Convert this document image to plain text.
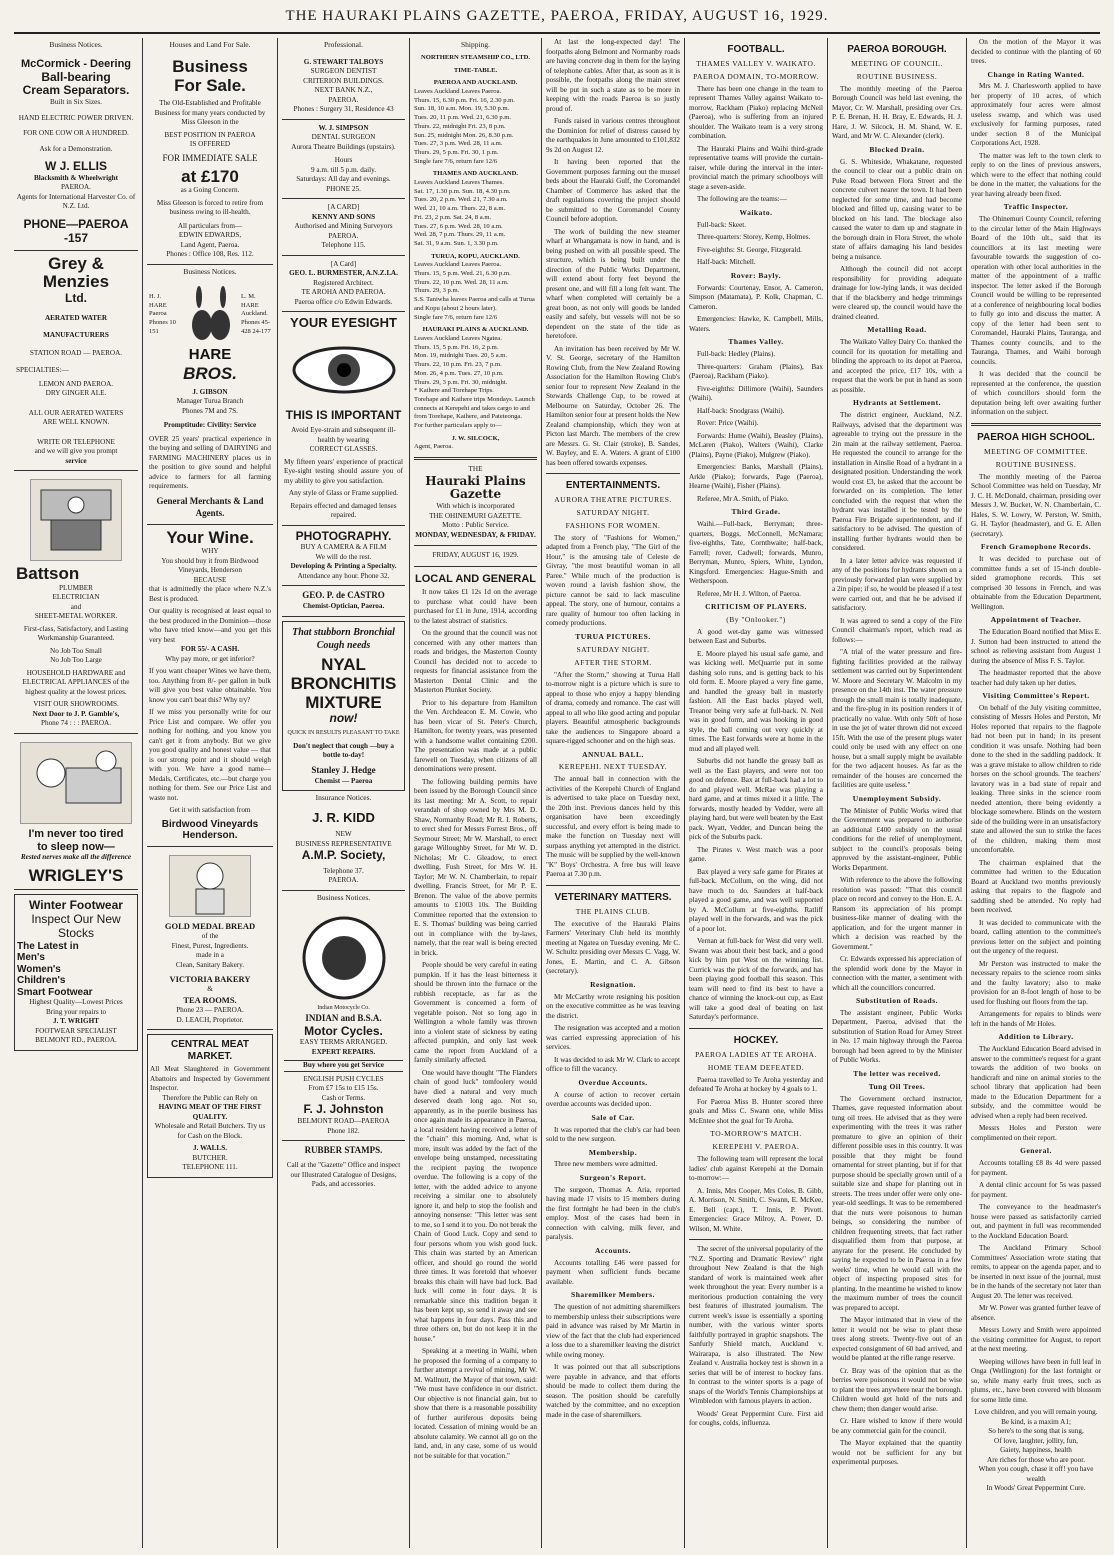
THE HAURAKI PLAINS GAZETTE, PAEROA, FRIDAY, AUGUST 16, 1929.
Business Notices.
McCormick - Deering
Ball-bearing
Cream Separators.
Built in Six Sizes.
HAND ELECTRIC POWER DRIVEN.
FOR ONE COW OR A HUNDRED.
Ask for a Demonstration.
W J. ELLIS
Blacksmith & Wheelwright
PAEROA.
Agents for International Harvester Co. of N.Z. Ltd.
PHONE—PAEROA -157
Grey & Menzies
Ltd.
AERATED WATER
MANUFACTURERS
STATION ROAD — PAEROA.
SPECIALTIES:—
LEMON AND PAEROA.
DRY GINGER ALE.
ALL OUR AERATED WATERS
ARE WELL KNOWN.
WRITE OR TELEPHONE
and we will give you prompt
service
Battson
PLUMBER
ELECTRICIAN
and
SHEET-METAL WORKER.
First-class, Satisfactory, and Lasting Workmanship Guaranteed.
No Job Too Small
No Job Too Large
HOUSEHOLD HARDWARE and ELECTRICAL APPLIANCES of the highest quality at the lowest prices.
VISIT OUR SHOWROOMS.
Next Door to J. P. Gamble's,
Phone 74 : : : PAEROA.
I'm never too tired
to sleep now—
Rested nerves make all the difference
WRIGLEY'S
Winter Footwear
Inspect Our New Stocks
The Latest in
Men's
Women's
Children's
Smart Footwear
Highest Quality—Lowest Prices
Bring your repairs to
J. T. WRIGHT
FOOTWEAR SPECIALIST
BELMONT RD., PAEROA.
Houses and Land For Sale.
Business
For Sale.
The Old-Established and Profitable Business for many years conducted by Miss Gleeson in the
BEST POSITION IN PAEROA
IS OFFERED
FOR IMMEDIATE SALE
at £170
as a Going Concern.
Miss Gleeson is forced to retire from business owing to ill-health.
All particulars from—
EDWIN EDWARDS,
Land Agent, Paeroa.
Phones : Office 108, Res. 112.
Business Notices.
H. J. HARE Paeroa Phones 10 151
L. M. HARE Auckland. Phones 45-428 24-177
HARE
BROS.
J. GIBSON
Manager Turua Branch
Phones 7M and 7S.
Promptitude: Civility: Service
OVER 25 years' practical experience in the buying and selling of DAIRYING and FARMING MACHINERY places us in the position to give sound and helpful advice to farmers for all farming requirements.
General Merchants & Land Agents.
Your Wine.
WHY
You should buy it from Birdwood Vineyards, Henderson
BECAUSE
that is admittedly the place where N.Z.'s Best is produced.
Our quality is recognised at least equal to the best produced in the Dominion—those who have tried know—and you get this very best
FOR 55/- A CASH.
Why pay more, or get inferior?
If you want cheaper Wines we have them, too. Anything from 8/- per gallon in bulk will give you best value obtainable. You know you can't beat this? Why try?
If we miss you personally write for our Price List and compare. We offer you nothing for nothing, and you know you can't get it from anybody. But we give you good quality and honest value — that is our strong point and it should weigh with you. We have a good name—Medals, Certificates, etc.—but charge you nothing for them. See our Price List and waste not.
Get it with satisfaction from
Birdwood Vineyards
Henderson.
GOLD MEDAL BREAD
of the
Finest, Purest, Ingredients.
made in a
Clean, Sanitary Bakery.
VICTORIA BAKERY
&
TEA ROOMS.
Phone 23 — PAEROA.
D. LEACH, Proprietor.
CENTRAL MEAT MARKET.
All Meat Slaughtered in Government Abattoirs and Inspected by Government Inspector.
Therefore the Public can Rely on
HAVING MEAT OF THE FIRST QUALITY.
Wholesale and Retail Butchers. Try us for Cash on the Block.
J. WALLS.
BUTCHER.
TELEPHONE 111.
Professional.
G. STEWART TALBOYS
SURGEON DENTIST
CRITERION BUILDINGS.
NEXT BANK N.Z.,
PAEROA.
Phones : Surgery 31, Residence 43
W. J. SIMPSON
DENTAL SURGEON
Aurora Theatre Buildings (upstairs).
Hours
9 a.m. till 5 p.m. daily.
Saturdays: All day and evenings.
PHONE 25.
[A CARD]
KENNY AND SONS
Authorised and Mining Surveyors
PAEROA.
Telephone 115.
[A Card]
GEO. L. BURMESTER, A.N.Z.I.A.
Registered Architect.
TE AROHA AND PAEROA.
Paeroa office c/o Edwin Edwards.
YOUR EYESIGHT
THIS IS IMPORTANT
Avoid Eye-strain and subsequent ill-health by wearing
CORRECT GLASSES.
My fifteen years' experience of practical Eye-sight testing should assure you of my ability to give you satisfaction.
Any style of Glass or Frame supplied.
Repairs effected and damaged lenses repaired.
PHOTOGRAPHY.
BUY A CAMERA & A FILM
We will do the rest.
Developing & Printing a Specialty.
Attendance any hour. Phone 32.
GEO. P. de CASTRO
Chemist-Optician, Paeroa.
That stubborn Bronchial Cough needs
NYAL
BRONCHITIS
MIXTURE
now!
QUICK IN RESULTS PLEASANT TO TAKE
Don't neglect that cough —buy a bottle to-day!
Stanley J. Hedge
Chemist — Paeroa
Insurance Notices.
J. R. KIDD
NEW
BUSINESS REPRESENTATIVE
A.M.P. Society,
Telephone 37.
PAEROA.
Business Notices.
Indian Motocycle Co.
INDIAN and B.S.A.
Motor Cycles.
EASY TERMS ARRANGED.
EXPERT REPAIRS.
Buy where you get Service
ENGLISH PUSH CYCLES
From £7 15s to £15 15s.
Cash or Terms.
F. J. Johnston
BELMONT ROAD—PAEROA
Phone 182.
RUBBER STAMPS.
Call at the "Gazette" Office and inspect our Illustrated Catalogue of Designs, Pads, and accessories.
Shipping.
NORTHERN STEAMSHIP CO., LTD.
TIME-TABLE.
PAEROA AND AUCKLAND.
Leaves Auckland Leaves Paeroa.
Thurs. 15, 6.30 p.m. Fri. 16, 2.30 p.m.
Sun. 18, 10 a.m. Mon. 19, 5.30 p.m.
Tues. 20, 11 p.m. Wed. 21, 6.30 p.m.
Thurs. 22, midnight Fri. 23, 8 p.m.
Sun. 25, midnight Mon. 26, 8.30 p.m.
Tues. 27, 3 p.m. Wed. 28, 11 a.m.
Thurs. 29, 5 p.m. Fri. 30, 1 p.m.
Single fare 7/6, return fare 12/6
THAMES AND AUCKLAND.
Leaves Auckland Leaves Thames.
Sat. 17, 1.30 p.m. Sun. 18, 4.30 p.m.
Tues. 20, 2 p.m. Wed. 21, 7.30 a.m.
Wed. 21, 10 a.m. Thurs. 22, 8 a.m.
Fri. 23, 2 p.m. Sat. 24, 8 a.m.
Tues. 27, 6 p.m. Wed. 28, 10 a.m.
Wed. 28, 7 p.m. Thurs. 29, 11 a.m.
Sat. 31, 9 a.m. Sun. 1, 3.30 p.m.
TURUA, KOPU, AUCKLAND.
Leaves Auckland Leaves Paeroa.
Thurs. 15, 5 p.m. Wed. 21, 6.30 p.m.
Thurs. 22, 10 p.m. Wed. 28, 11 a.m.
Thurs. 29, 3 p.m.
S.S. Taniwha leaves Paeroa and calls at Turua and Kopu (about 2 hours later).
Single fare 7/6, return fare 12/6
HAURAKI PLAINS & AUCKLAND.
Leaves Auckland Leaves Ngatea.
Thurs. 15, 5 p.m. Fri. 16, 2 p.m.
Mon. 19, midnight Tues. 20, 5 a.m.
Thurs. 22, 10 p.m. Fri. 23, 7 p.m.
Mon. 26, 4 p.m. Tues. 27, 10 p.m.
Thurs. 29, 3 p.m. Fri. 30, midnight.
* Kaihere and Torehape Trips.
Torehape and Kaihere trips Mondays. Launch connects at Kerepehi and takes cargo to and from Torehape, Kaihere, and Pateteonga.
For further particulars apply to—
J. W. SILCOCK,
Agent, Paeroa.
THE
Hauraki Plains Gazette
With which is incorporated
THE OHINEMURI GAZETTE.
Motto : Public Service.
MONDAY, WEDNESDAY, & FRIDAY.
FRIDAY, AUGUST 16, 1929.
LOCAL AND GENERAL

It now takes £1 12s 1d on the average to purchase what could have been purchased for £1 in June, 1914, according to the latest abstract of statistics.

On the ground that the council was not concerned with any other matters than roads and bridges, the Masterton County Council has decided not to accede to requests for financial assistance from the Masterton Dental Clinic and the Masterton Plunket Society.

Prior to his departure from Hamilton the Ven. Archdeacon E. M. Cowie, who has been vicar of St. Peter's Church, Hamilton, for twenty years, was presented with a handsome wallet containing £200. The presentation was made at a public farewell on Tuesday, when citizens of all denominations were present.

The following building permits have been issued by the Borough Council since its last meeting: Mr A. Scott, to repair verandah of shop owned by Mrs M. D. Shaw, Normanby Road; Mr R. I. Roberts, to erect shed for Messrs Forrest Bros., off Seymour Street; Mr W. Marshall, to erect garage Willoughby Street, for Mr W. D. Nicholas; Mr C. Gleadow, to erect dwelling, Fush Street, for Mrs W. H. Taylor; Mr W. N. Chamberlain, to repair dwelling, Francis Street, for Mr P. E. Brenon. The value of the above permits amounts to £1003 10s. The Building Committee reported that the extension to E. S. Thomas' building was being carried out in compliance with the by-laws, namely, that the rear wall is being erected in brick.

People should be very careful in eating pumpkin. If it has the least bitterness it should be thrown into the furnace or the rubbish receptacle, as far as the Government is concerned a form of vegetable poison. Not so long ago in Wellington a whole family was thrown into a violent state of sickness by eating affected pumpkin, and only last week came the report from Auckland of a family similarly affected.

One would have thought "The Flanders chain of good luck" tomfoolery would have died a natural and very much deserved death long ago. Not so, apparently, as in the puerile business has once again made its appearance in Paeroa, a local resident having received a letter of the "chain" this morning. And, what is more, insult was added by the fact of the envelope being unstamped, necessitating the recipient paying the twopence overdue. The following is a copy of the letter, with the added advice to anyone receiving a similar one to absolutely ignore it, and help to stop the foolish and annoying nonsense: "This letter was sent to me, so I send it to you. Do not break the Chain of Good Luck. Copy and send to four persons whom you wish good luck. This chain was started by an American officer, and should go round the world three times. It was foretold that whoever breaks this chain will have bad luck. Bad luck will come in four days. It is remarkable since this tradition began it has been kept up, so send it away and see what happens in four days. Pass this and three others on, but do not keep it in the house."

Speaking at a meeting in Waihi, when he proposed the forming of a company to further attempt a revival of mining, Mr W. M. Wallnutt, the Mayor of that town, said: "We must have confidence in our district. Our objective is not financial gain, but to show that there is a reasonable possibility of further auriferous deposits being located. Cessation of mining would be an absolute calamity. We cannot all go on the land, and, in any case, some of us would not be suitable for that vocation."

At last the long-expected day! The footpaths along Belmont and Normanby roads are having concrete dug in them for the laying of telephone cables. After that, as soon as it is possible, the footpaths along the main street will be put in such a state as to be more in keeping with the roads Paeroa is so justly proud of.

Funds raised in various centres throughout the Dominion for relief of distress caused by the earthquakes in June amounted to £101,832 9s 2d on August 12.

It having been reported that the Government purposes farming out the mussel beds about the Hauraki Gulf, the Coromandel Chamber of Commerce has asked that the draft regulations covering the project should be submitted to the Coromandel County Council before adoption.

The work of building the new steamer wharf at Whangamata is now in hand, and is being pushed on with all possible speed. The structure, which is being built under the direction of the Public Works Department, will extend about forty feet beyond the present one, and will fill a long felt want. The wharf when completed will certainly be a great boon, as not only will goods be landed easily and safely, but vessels will not be so dependent on the state of the tide as heretofore.

An invitation has been received by Mr W. V. St. George, secretary of the Hamilton Rowing Club, from the New Zealand Rowing Association for the Hamilton Rowing Club's senior four to represent New Zealand in the Stewards Challenge Cup, to be rowed at Melbourne on Saturday, October 26. The Hamilton senior four at present holds the New Zealand championship, which they won at Picton last March. The members of the crew are Messrs. G. St. Clair (stroke), B. Sandes, W. Bayley, and E. A. Waters. A grant of £100 has been offered towards expenses.

ENTERTAINMENTS.
AURORA THEATRE PICTURES.
SATURDAY NIGHT.
FASHIONS FOR WOMEN.

The story of "Fashions for Women," adapted from a French play, "The Girl of the Hour," is the amusing tale of Celeste de Givray, "the most beautiful woman in all Paree." While much of the production is woven round a lavish fashion show, the picture cannot be said to lack masculine appeal. The story, one of humour, contains a rare quality of humour too often lacking in comedy productions.

TURUA PICTURES.
SATURDAY NIGHT.
AFTER THE STORM.

"After the Storm," showing at Turua Hall to-morrow night is a picture which is sure to appeal to those who enjoy a happy blending of drama, comedy and romance. The cast will appeal to all who like good acting and popular players. Beautiful atmospheric backgrounds take the audiences to Singapore aboard a square-rigged schooner and on the high seas.

ANNUAL BALL.
KEREPEHI. NEXT TUESDAY.

The annual ball in connection with the activities of the Kerepehi Church of England is advertised to take place on Tuesday next, the 20th inst. Previous dances held by this organisation have been exceedingly successful, and every effort is being made to make the function on Tuesday next will surpass anything yet attempted in the district. The music will be supplied by the well-known "K" Boys' Orchestra. A free bus will leave Paeroa at 7.30 p.m.

VETERINARY MATTERS.
THE PLAINS CLUB.

The executive of the Hauraki Plains Farmers' Veterinary Club held its monthly meeting at Ngatea on Tuesday evening. Mr C. W. Schultz presiding over Messrs C. Vagg, W. Jones, E. Martin, and C. A. Gibson (secretary).

Resignation.

Mr McCarthy wrote resigning his position on the executive committee as he was leaving the district.

The resignation was accepted and a motion was carried expressing appreciation of his services.

It was decided to ask Mr W. Clark to accept office to fill the vacancy.

Overdue Accounts.

A course of action to recover certain overdue accounts was decided upon.

Sale of Car.

It was reported that the club's car had been sold to the new surgeon.

Membership.

Three new members were admitted.

Surgeon's Report.

The surgeon, Thomas A. Aria, reported having made 17 visits to 15 members during the first fortnight he had been in the club's employ. Most of the cases had been in connection with calving, milk fever, and paralysis.

Accounts.

Accounts totalling £46 were passed for payment when sufficient funds became available.

Sharemilker Members.

The question of not admitting sharemilkers to membership unless their subscriptions were paid in advance was raised by Mr Martin in view of the fact that the club had experienced a loss due to a sharemilker leaving the district while owing money.

It was pointed out that all subscriptions were payable in advance, and that efforts should be made to collect them during the season. The position should be carefully watched by the committee, and no exception made in the case of sharemilkers.

FOOTBALL.
THAMES VALLEY V. WAIKATO.
PAEROA DOMAIN, TO-MORROW.

There has been one change in the team to represent Thames Valley against Waikato to-morrow, Rackham (Piako) replacing McNeil (Paeroa), who is suffering from an injured shoulder. The Waikato team is a very strong combination.

The Hauraki Plains and Waihi third-grade representative teams will provide the curtain-raiser, while during the interval in the inter-provincial match the primary schoolboys will stage a seven-aside.

The following are the teams:—

Waikato.

Full-back: Skeet.

Three-quarters: Storey, Kemp, Holmes.

Five-eighths: St. George, Fitzgerald.

Half-back: Mitchell.

Rover: Bayly.

Forwards: Courtenay, Ensor, A. Cameron, Simpson (Matamata), P. Kolk, Chapman, C. Cameron.

Emergencies: Hawke, K. Campbell, Mills, Waters.

Thames Valley.

Full-back: Hedley (Plains).

Three-quarters: Graham (Plains), Bax (Paeroa), Rackham (Piako).

Five-eighths: Dillimore (Waihi), Saunders (Waihi).

Half-back: Snodgrass (Waihi).

Rover: Price (Waihi).

Forwards: Hume (Waihi), Beasley (Plains), McLaren (Piako), Walters (Waihi), Clarke (Plains), Payne (Piako), Mulgrew (Piako).

Emergencies: Banks, Marshall (Plains), Arkle (Piako); forwards, Page (Paeroa), Hearne (Waihi), Fisher (Plains).

Referee, Mr A. Smith, of Piako.

Third Grade.

Waihi.—Full-back, Berryman; three-quarters, Boggs, McConnell, McNamara; five-eighths, Tate, Cornthwaite; half-back, Farrell; rover, Cadwell; forwards, Munro, Berryman, Munro, Spiers, White, Lyndon, Kingsford. Emergencies: Hague-Smith and Wetherspoon.

Referee, Mr H. J. Wilton, of Paeroa.

CRITICISM OF PLAYERS.
(By "Onlooker.")

A good wet-day game was witnessed between East and Suburbs.

E. Moore played his usual safe game, and was kicking well. McQuarrie put in some dashing solo runs, and is getting back to his old form. E. Moore played a very fine game, and handled the greasy ball in masterly fashion. All the East backs played well, Treanor being very safe at full-back. N. Neil was in good form, and was hooking in good style, the ball coming out very quickly at times. The East forwards were at home in the mud and all played well.

Suburbs did not handle the greasy ball as well as the East players, and were not too good on defence. Bax at full-back had a lot to do and played well. McRae was playing a hard game, and at times mixed it a little. The forwards, mostly headed by Vedder, were all playing hard, but were well beaten by the East pack. Wyatt, Vedder, and Duncan being the pick of the Suburbs pack.

The Pirates v. West match was a poor game.

Bax played a very safe game for Pirates at full-back. McCollum, on the wing, did not have much to do. Saunders at half-back played a good game, and was well supported by A. McCollum at five-eighths. Ratliff played well in the forwards, and was the pick of a poor lot.

Vernan at full-back for West did very well. Swann was about their best back, and a good kick by him put West on the winning list. Currick was the pick of the forwards, and has been playing good football this season. This team will need to find its best to have a chance of winning the knock-out cup, as East will take a good deal of beating on last Saturday's performance.

HOCKEY.
PAEROA LADIES AT TE AROHA.
HOME TEAM DEFEATED.

Paeroa travelled to Te Aroha yesterday and defeated Te Aroha at hockey by 4 goals to 1.

For Paeroa Miss B. Hunter scored three goals and Miss C. Swann one, while Miss McEntee shot the goal for Te Aroha.

TO-MORROW'S MATCH.
KEREPEHI V. PAEROA.

The following team will represent the local ladies' club against Kerepehi at the Domain to-morrow:—

A. Innis, Mrs Cooper, Mrs Coles, B. Gibb, A. Morrison, N. Smith, C. Swann, E. McKee, E. Bell (capt.), T. Innis, P. Pivott. Emergencies: Grace Milroy, A. Power, D. Wilson, M. White.

The secret of the universal popularity of the "N.Z. Sporting and Dramatic Review" right throughout New Zealand is that the high standard of work is maintained week after week throughout the year. Every number is a meritorious production containing the very best features of illustrated journalism. The current week's issue is essentially a sporting number, with the various winter sports faithfully portrayed in graphic snapshots. The Sanfurly Shield match, Auckland v. Wairarapa, is also illustrated. The New Zealand v. Australia hockey test is shown in a series that will be of interest to hockey fans. In contrast to the winter sports is a page of snaps of the World's Tennis Championships at Wimbledon with famous players in action.

Woods' Great Peppermint Cure. First aid for coughs, colds, influenza.

PAEROA BOROUGH.
MEETING OF COUNCIL.
ROUTINE BUSINESS.

The monthly meeting of the Paeroa Borough Council was held last evening, the Mayor, Cr. W. Marshall, presiding over Crs. P. E. Brenan, H. H. Bray, E. Edwards, H. J. Hare, J. W. Silcock, H. M. Shand, W. E. Ward, and Mr W. C. Alexander (clerk).

Blocked Drain.

G. S. Whiteside, Whakatane, requested the council to clear out a public drain on Puke Road between Flora Street and the concrete culvert nearer the town. It had been neglected for some time, and had become blocked and filled up, causing water to be blocked on his land. The blockage also caused the water to dam up and stagnate in the borough drain in Flora Street, the whole state of affairs damaging his land besides being a nuisance.

Although the council did not accept responsibility for providing adequate drainage for low-lying lands, it was decided that if the blackberry and hedge trimmings were cleared up, the council would have the drained cleaned.

Metalling Road.

The Waikato Valley Dairy Co. thanked the council for its quotation for metalling and blinding the approach to its depot at Paeroa, and accepted the price, £17 10s, with a request that the work be put in hand as soon as possible.

Hydrants at Settlement.

The district engineer, Auckland, N.Z. Railways, advised that the department was agreeable to trying out the pressure in the 2in main at the railway settlement, Paeroa. He requested the council to arrange for the installation in Ainslie Road of a hydrant in a designated position. Understanding the work would cost £3, he asked that the account be forwarded on its completion. The letter concluded with the request that when the hydrant was installed it be tested by the Paeroa Fire Brigade superintendent, and if satisfactory to be advised. The question of installing further hydrants would then be considered.

In a later letter advice was requested if any of the positions for hydrants shown on a previously forwarded plan were supplied by a 2in pipe; if so, he would be pleased if a test were carried out, and that he be advised if satisfactory.

It was agreed to send a copy of the Fire Council chairman's report, which read as follows:—

"A trial of the water pressure and fire-fighting facilities provided at the railway settlement was carried out by Superintendent W. Moore and Secretary W. Malcolm in my presence on the 14th inst. The water pressure through the small main is totally inadequate, and the fire-plug in its position renders it of practically no value. With only 50ft of hose in use the jet of water thrown did not exceed 15ft. With the use of the present plugs water could only be used with any effect on one house, but a small supply might be available for the two adjacent houses. As far as the remainder of the houses are concerned the facilities are quite useless."

Unemployment Subsidy.

The Minister of Public Works wired that the Government was prepared to authorise an additional £400 subsidy on the usual conditions for the relief of unemployment, subject to the council's proposals being approved by the assistant-engineer, Public Works Department.

With reference to the above the following resolution was passed: "That this council place on record and convey to the Hon. E. A. Ransom its appreciation of his prompt business-like manner of dealing with the application, and for the urgent manner in which a decision was reached by the Government."

Cr. Edwards expressed his appreciation of the splendid work done by the Mayor in connection with the matter, a sentiment with which all the councillors concurred.

Substitution of Roads.

The assistant engineer, Public Works Department, Paeroa, advised that the substitution of Station Road for Arney Street in No. 17 main highway through the Paeroa borough had been agreed to by the Minister of Public Works.

The letter was received.
Tung Oil Trees.

The Government orchard instructor, Thames, gave requested information about tung oil trees. He advised that as they were experimenting with the trees it was rather premature to give an opinion of their different possible uses in this country. It was possible that they might be found ornamental for street planting, but if for that purpose should be specially grown until of a suitable size and shape for planting out in streets. The trees under offer were only one-year-old seedlings. It was to be remembered that the nuts were poisonous to human beings, so considering the number of children frequenting streets, that fact rather disqualified them from that purpose, at anyrate for the present. He concluded by saying he expected to be in Paeroa in a few weeks' time, when he would call with the object of inspecting proposed sites for planting. In the meantime he wished to know the maximum number of trees the council was prepared to accept.

The Mayor intimated that in view of the letter it would not be wise to plant these trees along streets. Twenty-five out of an expected consignment of 60 had arrived, and would be planted at the rifle range reserve.

Cr. Bray was of the opinion that as the berries were poisonous it would not be wise to plant the trees anywhere near the borough. Children would get hold of the nuts and chew them; then danger would arise.

Cr. Hare wished to know if there would be any commercial gain for the council.

The Mayor explained that the quantity would not be sufficient for any but experimental purposes.

On the motion of the Mayor it was decided to continue with the planting of 60 trees.

Change in Rating Wanted.

Mrs M. J. Charlesworth applied to have her property of 10 acres, of which approximately four acres were almost useless swamp, and which was used exclusively for farming purposes, rated under section 8 of the Municipal Corporations Act, 1928.

The matter was left to the town clerk to reply to on the lines of previous answers, which were to the effect that nothing could be done in the matter, the valuations for the year having already been fixed.

Traffic Inspector.

The Ohinemuri County Council, referring to the circular letter of the Main Highways Board of the 10th ult., said that its councillors at its last meeting were favourable towards the suggestion of co-operation with other local authorities in the matter of the appointment of a traffic inspector. The letter asked if the Borough Council would be willing to be represented at a conference of neighbouring local bodies to fully go into and discuss the matter. A copy of the letter had been sent to Coromandel, Hauraki Plains, Tauranga, and Thames county councils, and to the Tauranga, Thames, and Waihi borough councils.

It was decided that the council be represented at the conference, the question of which councillors should form the deputation being left over awaiting further information on the subject.

PAEROA HIGH SCHOOL.
MEETING OF COMMITTEE.
ROUTINE BUSINESS.

The monthly meeting of the Paeroa School Committee was held on Tuesday, Mr J. C. H. McDonald, chairman, presiding over Messrs J. W. Bucket, W. N. Chamberlain, C. Hales, S. W. Lowry, W. Perston, W. Smith, G. H. Taylor (headmaster), and G. E. Allen (secretary).

French Gramophone Records.

It was decided to purchase out of committee funds a set of 15-inch double-sided gramophone records. This set comprised 30 lessons in French, and was obtainable from the Education Department, Wellington.

Appointment of Teacher.

The Education Board notified that Miss E. J. Sutton had been instructed to attend the school as relieving assistant from August 1 during the absence of Miss F. S. Taylor.

The headmaster reported that the above teacher had duly taken up her duties.

Visiting Committee's Report.

On behalf of the July visiting committee, consisting of Messrs Holes and Perston, Mr Holes reported that repairs to the flagpole had not been put in hand; in its present condition it was unsafe. Nothing had been done to the shed in the saddling paddock. It was a grave mistake to allow children to ride horses on the school grounds. The teachers' lavatory was in a bad state of repair and leaking. Three sinks in the science room needed attention, there being evidently a blockage somewhere. Blinds on the western side of the building were in an unsatisfactory state and allowed the sun to strike the faces of the children, making them most uncomfortable.

The chairman explained that the committee had written to the Education Board at Auckland two months previously asking that repairs to the flagpole and saddling shed be attended. No reply had been received.

It was decided to communicate with the board, calling attention to the committee's previous letter on the subject and pointing out the urgency of the request.

Mr Perston was instructed to make the necessary repairs to the science room sinks and the faulty lavatory; also to make provision for an 8-foot length of hose to be used for flushing out floors from the tap.

Arrangements for repairs to blinds were left in the hands of Mr Holes.

Addition to Library.

The Auckland Education Board advised in answer to the committee's request for a grant towards the addition of two books on handicraft and nine on animal stories to the school library that application had been made to the Education Department for a subsidy, and the committee would be advised when a reply had been received.

Messrs Holes and Perston were complimented on their report.

General.

Accounts totalling £8 8s 4d were passed for payment.

A dental clinic account for 5s was passed for payment.

The conveyance to the headmaster's house were passed as satisfactorily carried out, and payment in full was recommended to the Auckland Education Board.

The Auckland Primary School Committees' Association wrote stating that remits, to appear on the agenda paper, and to be inserted in next issue of the journal, must be in the hands of the secretary not later than August 20. The letter was received.

Mr W. Power was granted further leave of absence.

Messrs Lowry and Smith were appointed the visiting committee for August, to report at the next meeting.

Weeping willows have been in full leaf in Onga (Wellington) for the last fortnight or so, while many early fruit trees, such as plums, etc., have been covered with blossom for some little time.

Love children, and you will remain young.
Be kind, is a maxim A1;
So here's to the song that is sung,
Of love, laughter, jollity, fun,
Gaiety, happiness, health
Are riches for those who are poor.
When you cough, chase it off! you have wealth
In Woods' Great Peppermint Cure.
